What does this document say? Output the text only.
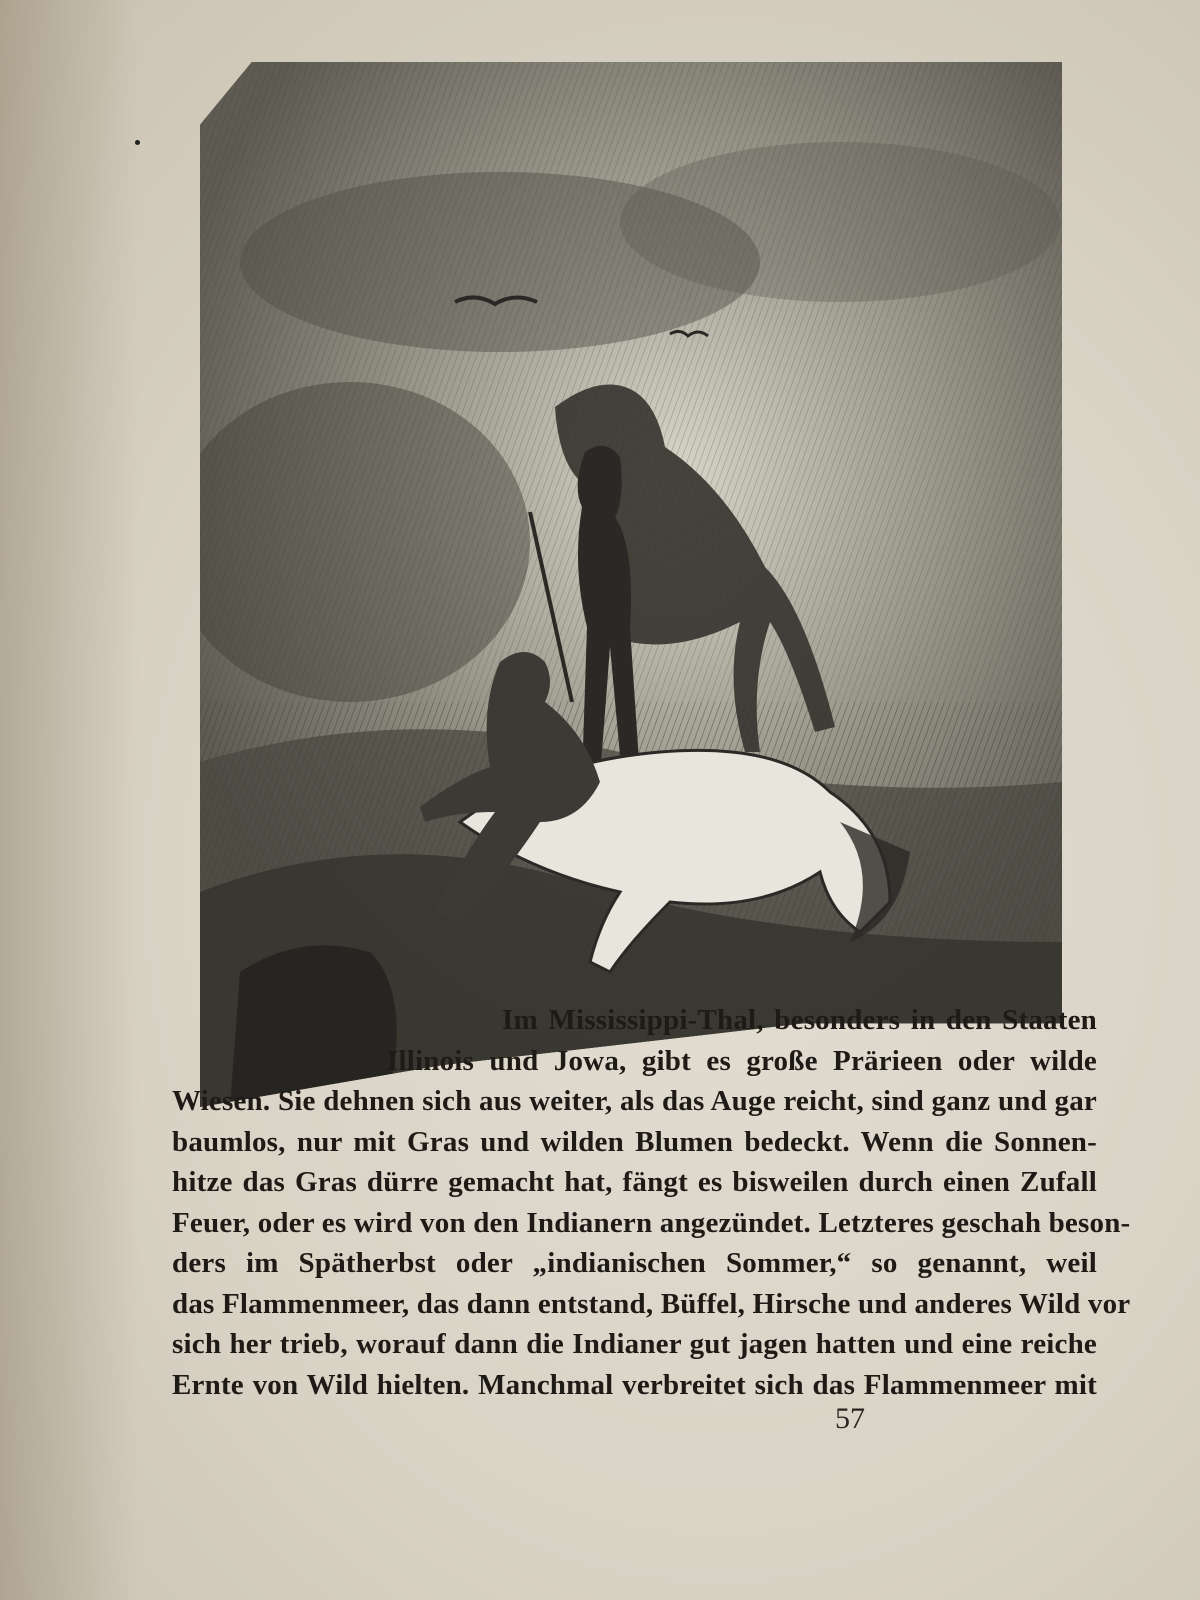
Im Mississippi-Thal, besonders in den Staaten
Illinois und Jowa, gibt es große Prärieen oder wilde
Wiesen. Sie dehnen sich aus weiter, als das Auge reicht, sind ganz und gar
baumlos, nur mit Gras und wilden Blumen bedeckt. Wenn die Sonnen-
hitze das Gras dürre gemacht hat, fängt es bisweilen durch einen Zufall
Feuer, oder es wird von den Indianern angezündet. Letzteres geschah beson-
ders im Spätherbst oder „indianischen Sommer,“ so genannt, weil
das Flammenmeer, das dann entstand, Büffel, Hirsche und anderes Wild vor
sich her trieb, worauf dann die Indianer gut jagen hatten und eine reiche
Ernte von Wild hielten. Manchmal verbreitet sich das Flammenmeer mit
57
